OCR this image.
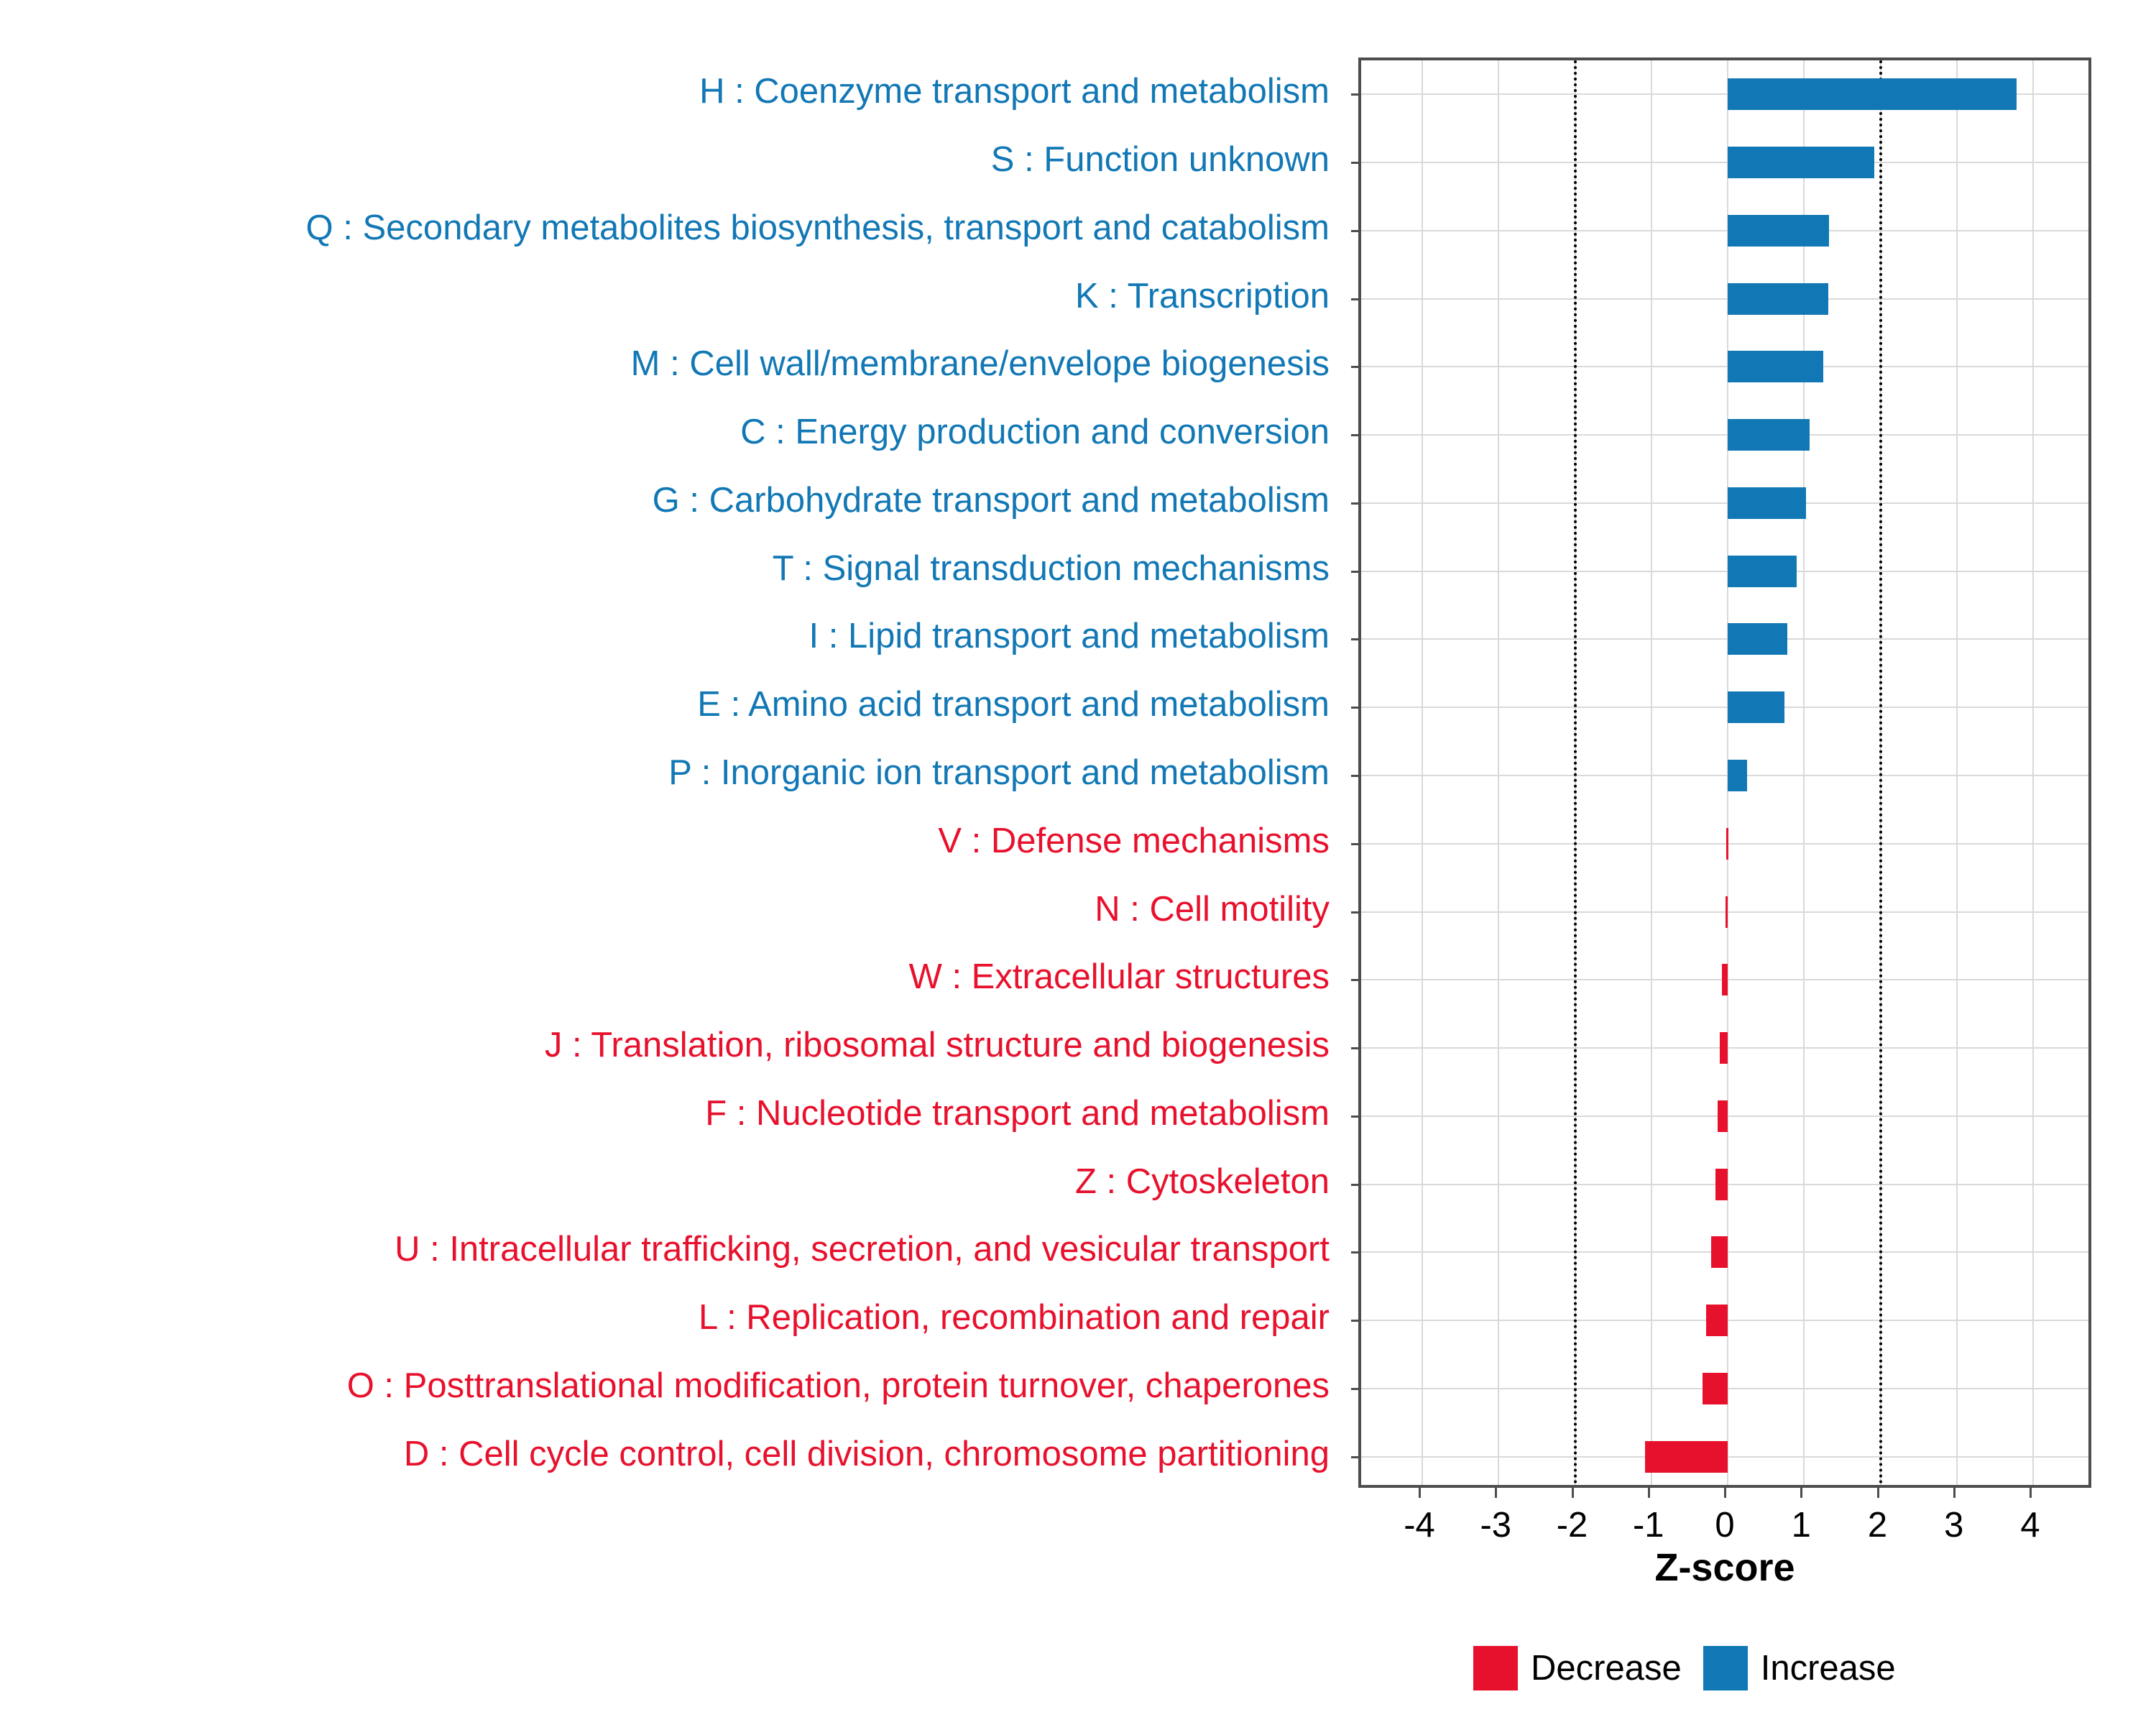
H : Coenzyme transport and metabolism
S : Function unknown
Q : Secondary metabolites biosynthesis, transport and catabolism
K : Transcription
M : Cell wall/membrane/envelope biogenesis
C : Energy production and conversion
G : Carbohydrate transport and metabolism
T : Signal transduction mechanisms
I : Lipid transport and metabolism
E : Amino acid transport and metabolism
P : Inorganic ion transport and metabolism
V : Defense mechanisms
N : Cell motility
W : Extracellular structures
J : Translation, ribosomal structure and biogenesis
F : Nucleotide transport and metabolism
Z : Cytoskeleton
U : Intracellular trafficking, secretion, and vesicular transport
L : Replication, recombination and repair
O : Posttranslational modification, protein turnover, chaperones
D : Cell cycle control, cell division, chromosome partitioning
Z-score
Decrease Increase
-4	-3	-2	-1	0	1	2	3	4
